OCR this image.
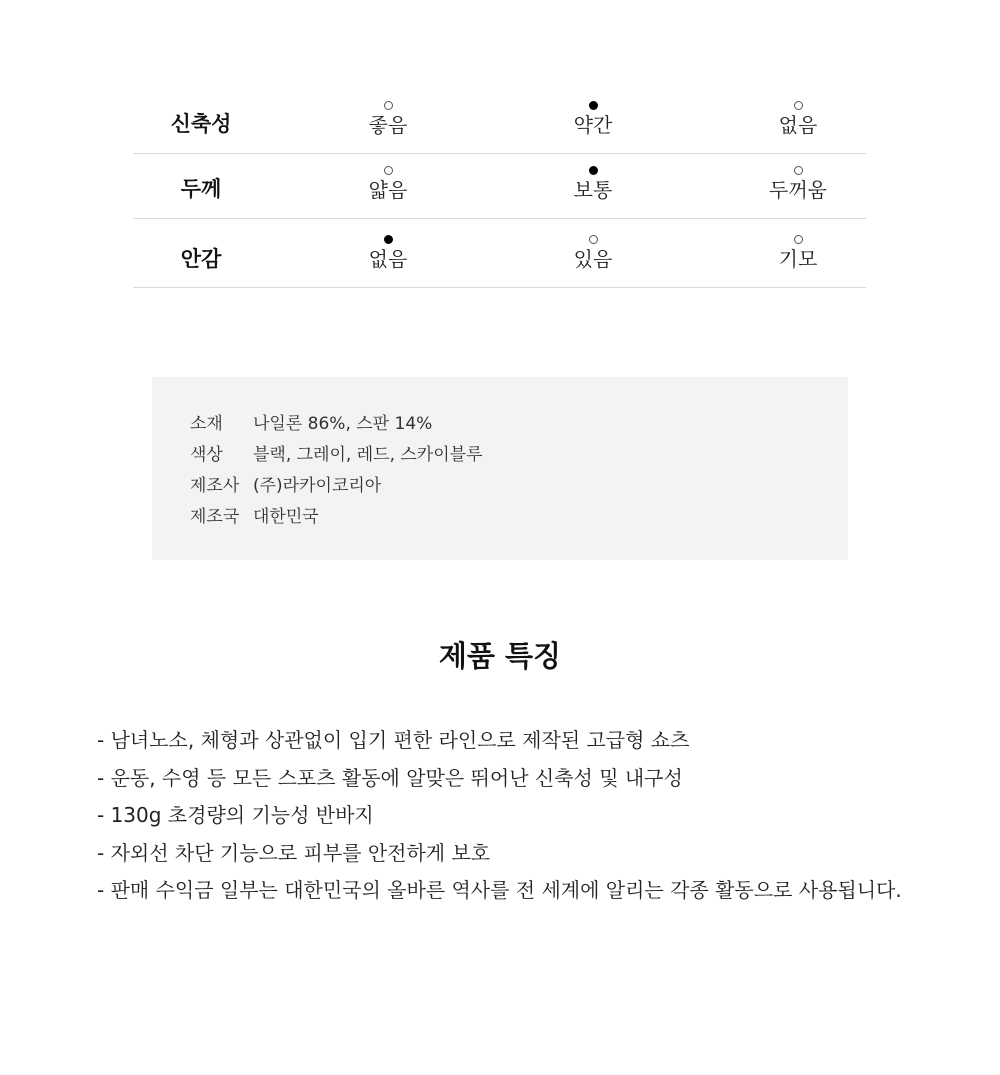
신축성	좋음	약간	없음
두께	얇음	보통	두꺼움
안감	없음	있음	기모
소재 나일론 86%, 스판 14%
색상 블랙, 그레이, 레드, 스카이블루
제조사 (주)라카이코리아
제조국 대한민국
제품 특징
- 남녀노소, 체형과 상관없이 입기 편한 라인으로 제작된 고급형 쇼츠
- 운동, 수영 등 모든 스포츠 활동에 알맞은 뛰어난 신축성 및 내구성
- 130g 초경량의 기능성 반바지
- 자외선 차단 기능으로 피부를 안전하게 보호
- 판매 수익금 일부는 대한민국의 올바른 역사를 전 세계에 알리는 각종 활동으로 사용됩니다.
